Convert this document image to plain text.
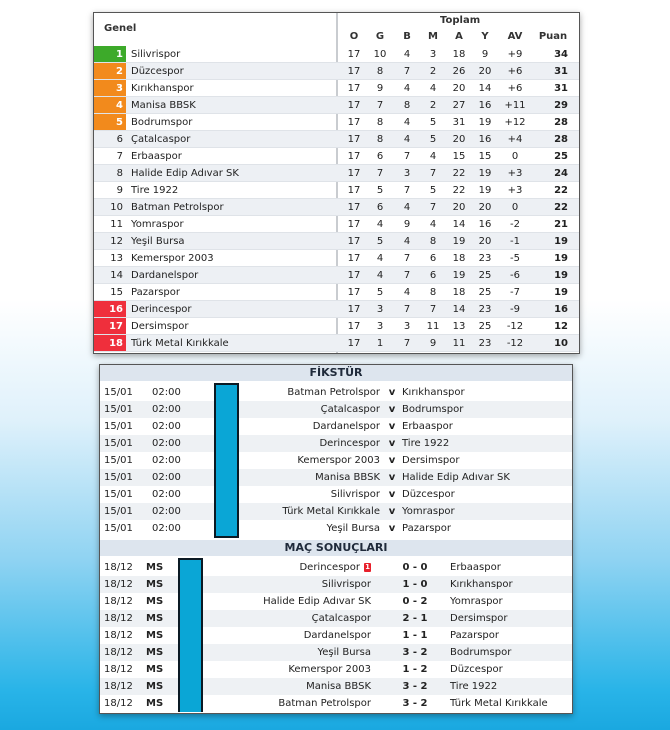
Genel
Toplam
O	G	B	M	A	Y	AV	Puan
1 Silivrispor	17	10	4	3	18	9	+9	34
2 Düzcespor	17	8	7	2	26	20	+6	31
3 Kırıkhanspor	17	9	4	4	20	14	+6	31
4 Manisa BBSK	17	7	8	2	27	16	+11	29
5 Bodrumspor	17	8	4	5	31	19	+12	28
6 Çatalcaspor	17	8	4	5	20	16	+4	28
7 Erbaaspor	17	6	7	4	15	15	0	25
8 Halide Edip Adıvar SK	17	7	3	7	22	19	+3	24
9 Tire 1922	17	5	7	5	22	19	+3	22
10 Batman Petrolspor	17	6	4	7	20	20	0	22
11 Yomraspor	17	4	9	4	14	16	-2	21
12 Yeşil Bursa	17	5	4	8	19	20	-1	19
13 Kemerspor 2003	17	4	7	6	18	23	-5	19
14 Dardanelspor	17	4	7	6	19	25	-6	19
15 Pazarspor	17	5	4	8	18	25	-7	19
16 Derincespor	17	3	7	7	14	23	-9	16
17 Dersimspor	17	3	3	11	13	25	-12	12
18 Türk Metal Kırıkkale	17	1	7	9	11	23	-12	10
FİKSTÜR
15/01 02:00	Batman Petrolspor v Kırıkhanspor
15/01 02:00	Çatalcaspor v Bodrumspor
15/01 02:00	Dardanelspor v Erbaaspor
15/01 02:00	Derincespor v Tire 1922
15/01 02:00	Kemerspor 2003 v Dersimspor
15/01 02:00	Manisa BBSK v Halide Edip Adıvar SK
15/01 02:00	Silivrispor v Düzcespor
15/01 02:00	Türk Metal Kırıkkale v Yomraspor
15/01 02:00	Yeşil Bursa v Pazarspor
MAÇ SONUÇLARI
18/12 MS	Derincespor 1	0 - 0	Erbaaspor
18/12 MS	Silivrispor	1 - 0	Kırıkhanspor
18/12 MS	Halide Edip Adıvar SK	0 - 2	Yomraspor
18/12 MS	Çatalcaspor	2 - 1	Dersimspor
18/12 MS	Dardanelspor	1 - 1	Pazarspor
18/12 MS	Yeşil Bursa	3 - 2	Bodrumspor
18/12 MS	Kemerspor 2003	1 - 2	Düzcespor
18/12 MS	Manisa BBSK	3 - 2	Tire 1922
18/12 MS	Batman Petrolspor	3 - 2	Türk Metal Kırıkkale
